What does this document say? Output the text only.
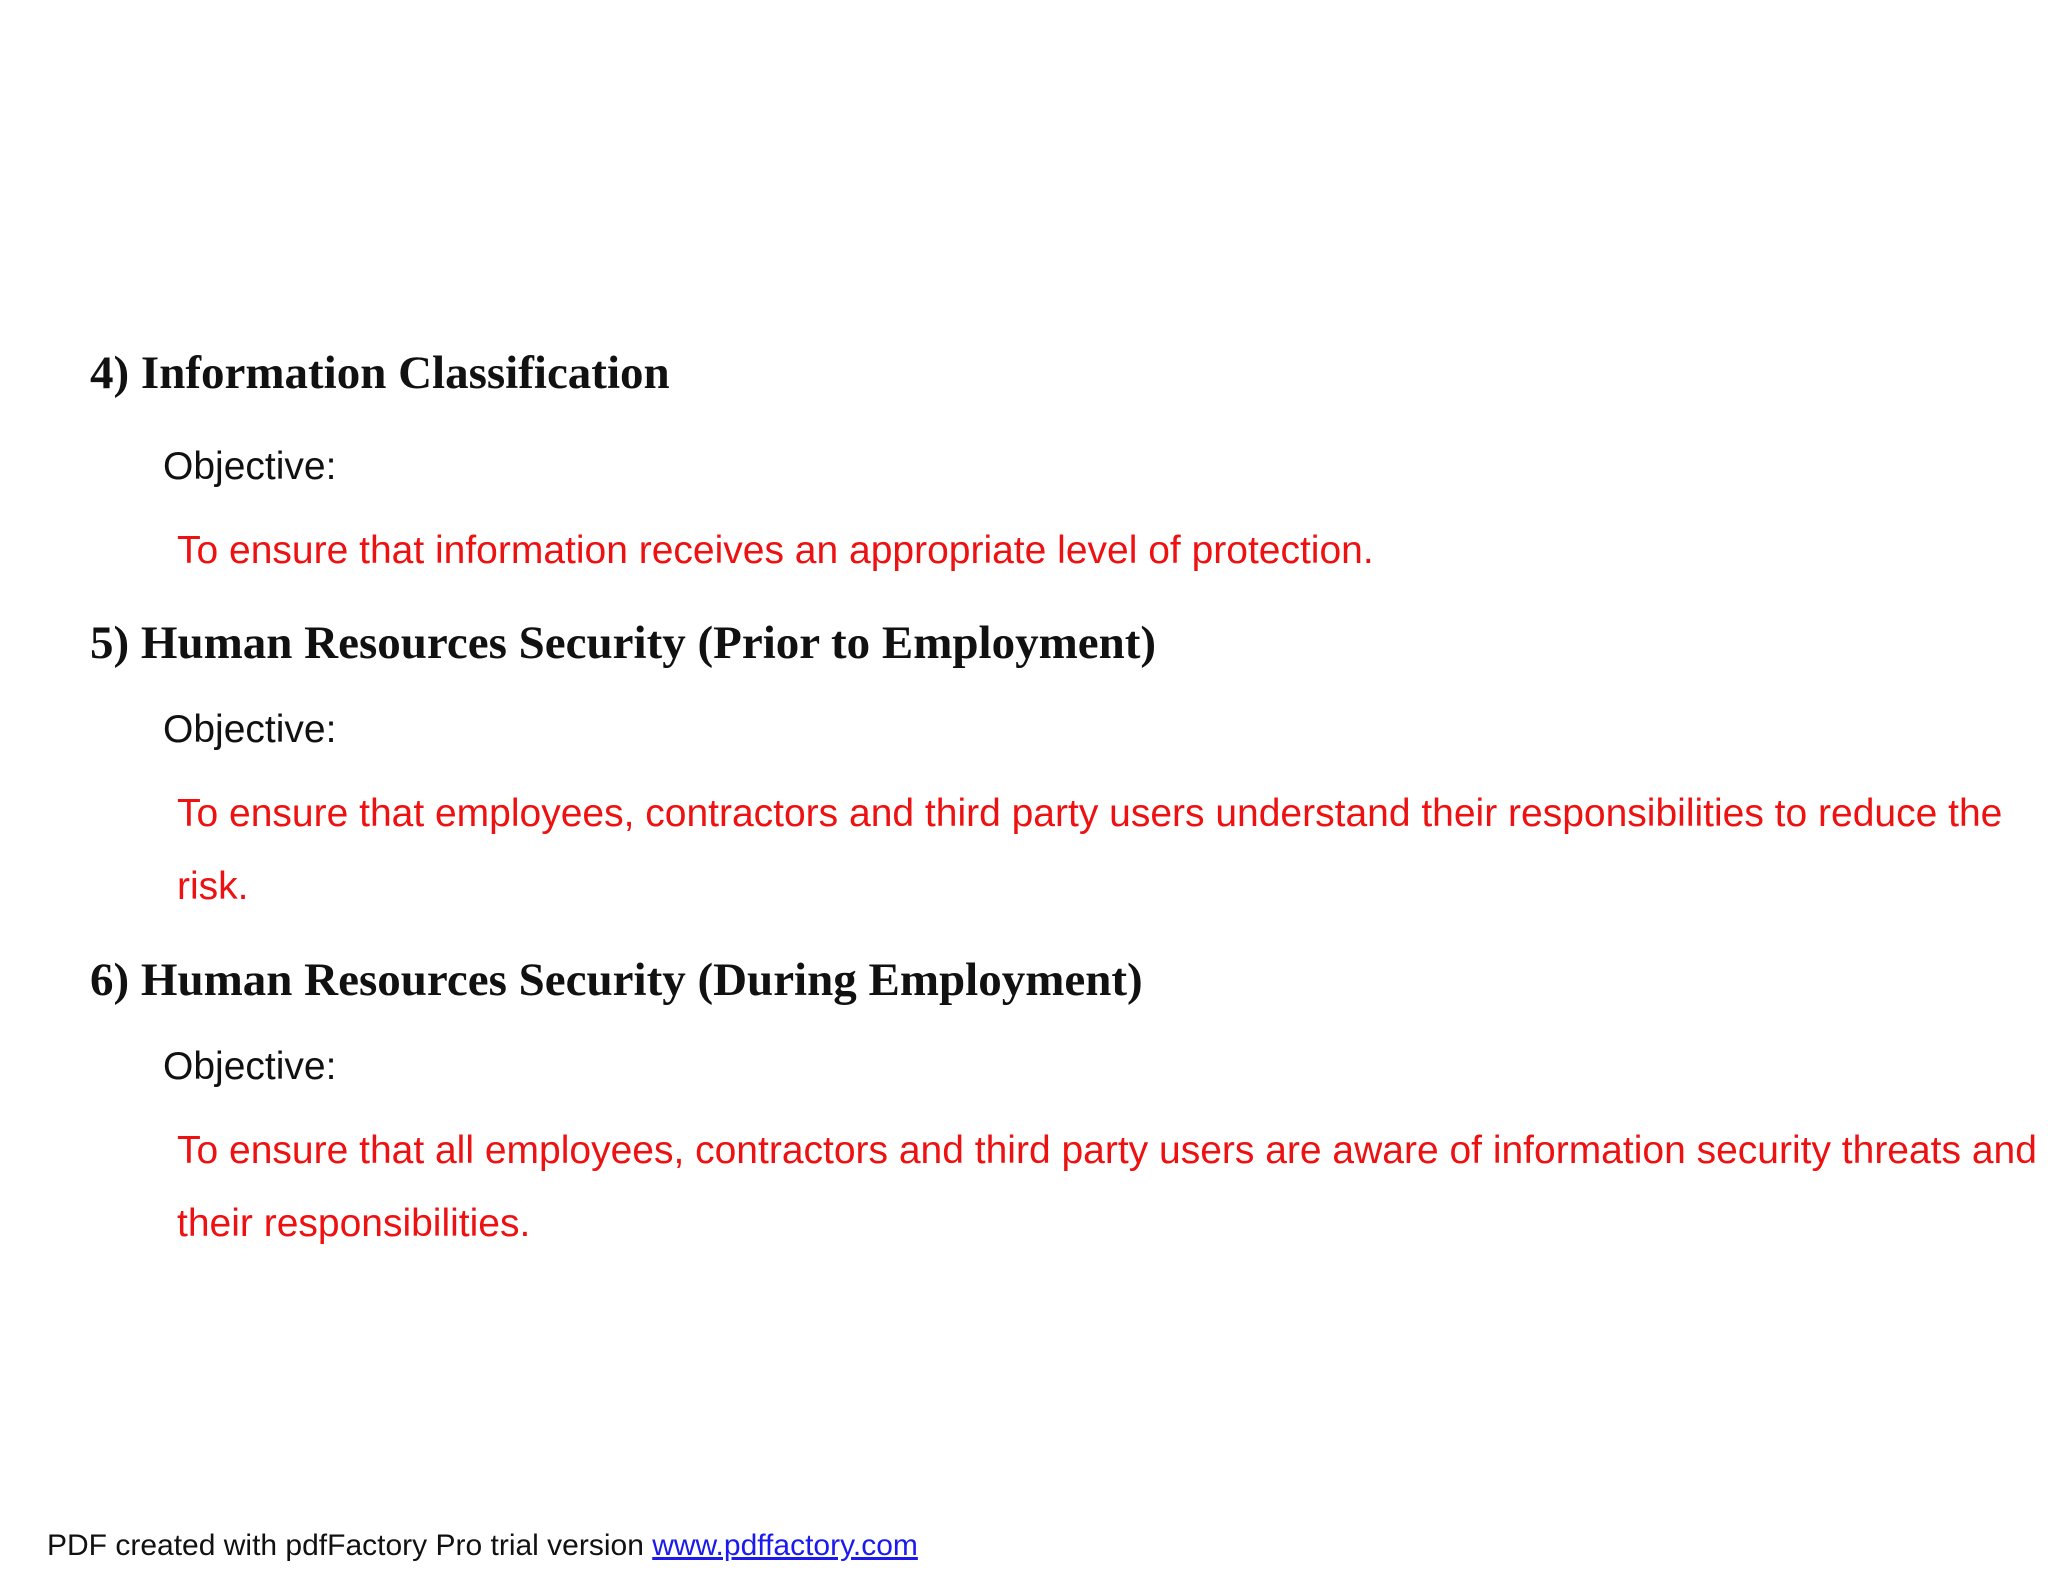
4) Information Classification
Objective:

To ensure that information receives an appropriate level of protection.

5) Human Resources Security (Prior to Employment)
Objective:

To ensure that employees, contractors and third party users understand their responsibilities to reduce the risk.

6) Human Resources Security (During Employment)
Objective:

To ensure that all employees, contractors and third party users are aware of information security threats and their responsibilities.

PDF created with pdfFactory Pro trial version www.pdffactory.com
